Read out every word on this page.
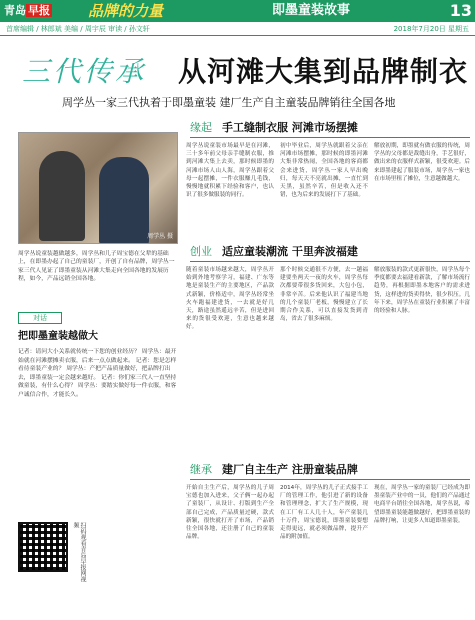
青岛 早报	品牌的力量	即墨童装故事	13
首席编辑 / 林郎斌 美编 / 周宇辰 审读 / 孙文轩	2018年7月20日 星期五
三代传承	从河滩大集到品牌制衣
周学丛一家三代执着于即墨童装 建厂生产自主童装品牌销往全国各地
缘起 手工缝制衣服 河滩市场摆摊
周学丛 摄
周学丛说童装市场最早是在河滩，三十多年前父母亲手缝制衣服，推到河滩大集上去卖，那时候即墨的河滩市场人山人海，周学丛跟着父母一起摆摊，一件衣服赚几毛钱，慢慢地就积累下经验和客户，也认识了很多做服装的同行。
初中毕业后，周学丛就跟着父亲在河滩市场摆摊，那时候的即墨河滩大集非常热闹，全国各地的客商都会来进货，周学丛一家人早出晚归，每天天不亮就出摊，一直忙到天黑，虽然辛苦，但是收入还不错，也为后来的发展打下了基础。
解放初期，即墨就有做衣服的传统，周学丛的父母都是裁缝出身，手艺很好，做出来的衣服样式新颖，很受欢迎。后来即墨建起了服装市场，周学丛一家也在市场里租了摊位，生意越做越大。
周学丛说童装越做越多，周学丛和儿子周宝德在父辈的基础上，在即墨办起了自己的童装厂，开创了自有品牌，周学丛一家三代人见证了即墨童装从河滩大集走向全国各地的发展历程，如今，产品远销全国各地。
创业 适应童装潮流 干里奔波福建
随着童装市场越来越大，周学丛开始到外地考察学习，福建、广东等地是童装生产的主要地区，产品款式新颖，价格适中，周学丛经常坐火车跑福建进货，一去就是好几天，路途虽然遥远辛苦，但是进回来的货很受欢迎，生意也越来越好。
那个时候交通很不方便，去一趟福建要坐两天一夜的火车，周学丛每次都要带很多货回来，大包小包，非常辛苦。后来他认识了福建当地的几个童装厂老板，慢慢建立了长期合作关系，可以直接发货到青岛，省去了很多麻烦。
解放服装的款式更新很快，周学丛每个季度都要去福建看新款，了解市场流行趋势，再根据即墨本地客户的需求进货，这样进的货卖得快，很少积压。几年下来，周学丛在童装行业积累了丰富的经验和人脉。
对话
把即墨童装越做大
记者：请问大小关系就传统一下您的创业经历？ 周学丛：最开始就在河滩摆摊卖衣服，后来一点点做起来。 记者：您是怎样看待童装产业的？ 周学丛：产把产品质量做好，把品牌打出去，即墨童装一定会越来越好。 记者：你们家三代人一直坚持做童装，有什么心得？ 周学丛：要踏实做好每一件衣服，和客户诚信合作，才能长久。
继承 建厂自主生产 注册童装品牌
开始自主生产后，周学丛的儿子周宝德也加入进来，父子俩一起办起了童装厂，从设计、打版到生产全部自己完成，产品质量过硬，款式新颖，很快就打开了市场，产品销往全国各地，还注册了自己的童装品牌。
2014年，周学丛的儿子正式接手工厂的管理工作，他引进了新的设备和管理理念，扩大了生产规模，现在工厂有工人几十人，年产童装几十万件，周宝德说，即墨童装要想走得更远，就必须做品牌，提升产品的附加值。
现在，周学丛一家的童装厂已经成为即墨童装产业中的一员，他们的产品通过电商平台销往全国各地，周学丛说，希望即墨童装能越做越好，把即墨童装的品牌打响，让更多人知道即墨童装。
扫码观看青岛早报网视频
